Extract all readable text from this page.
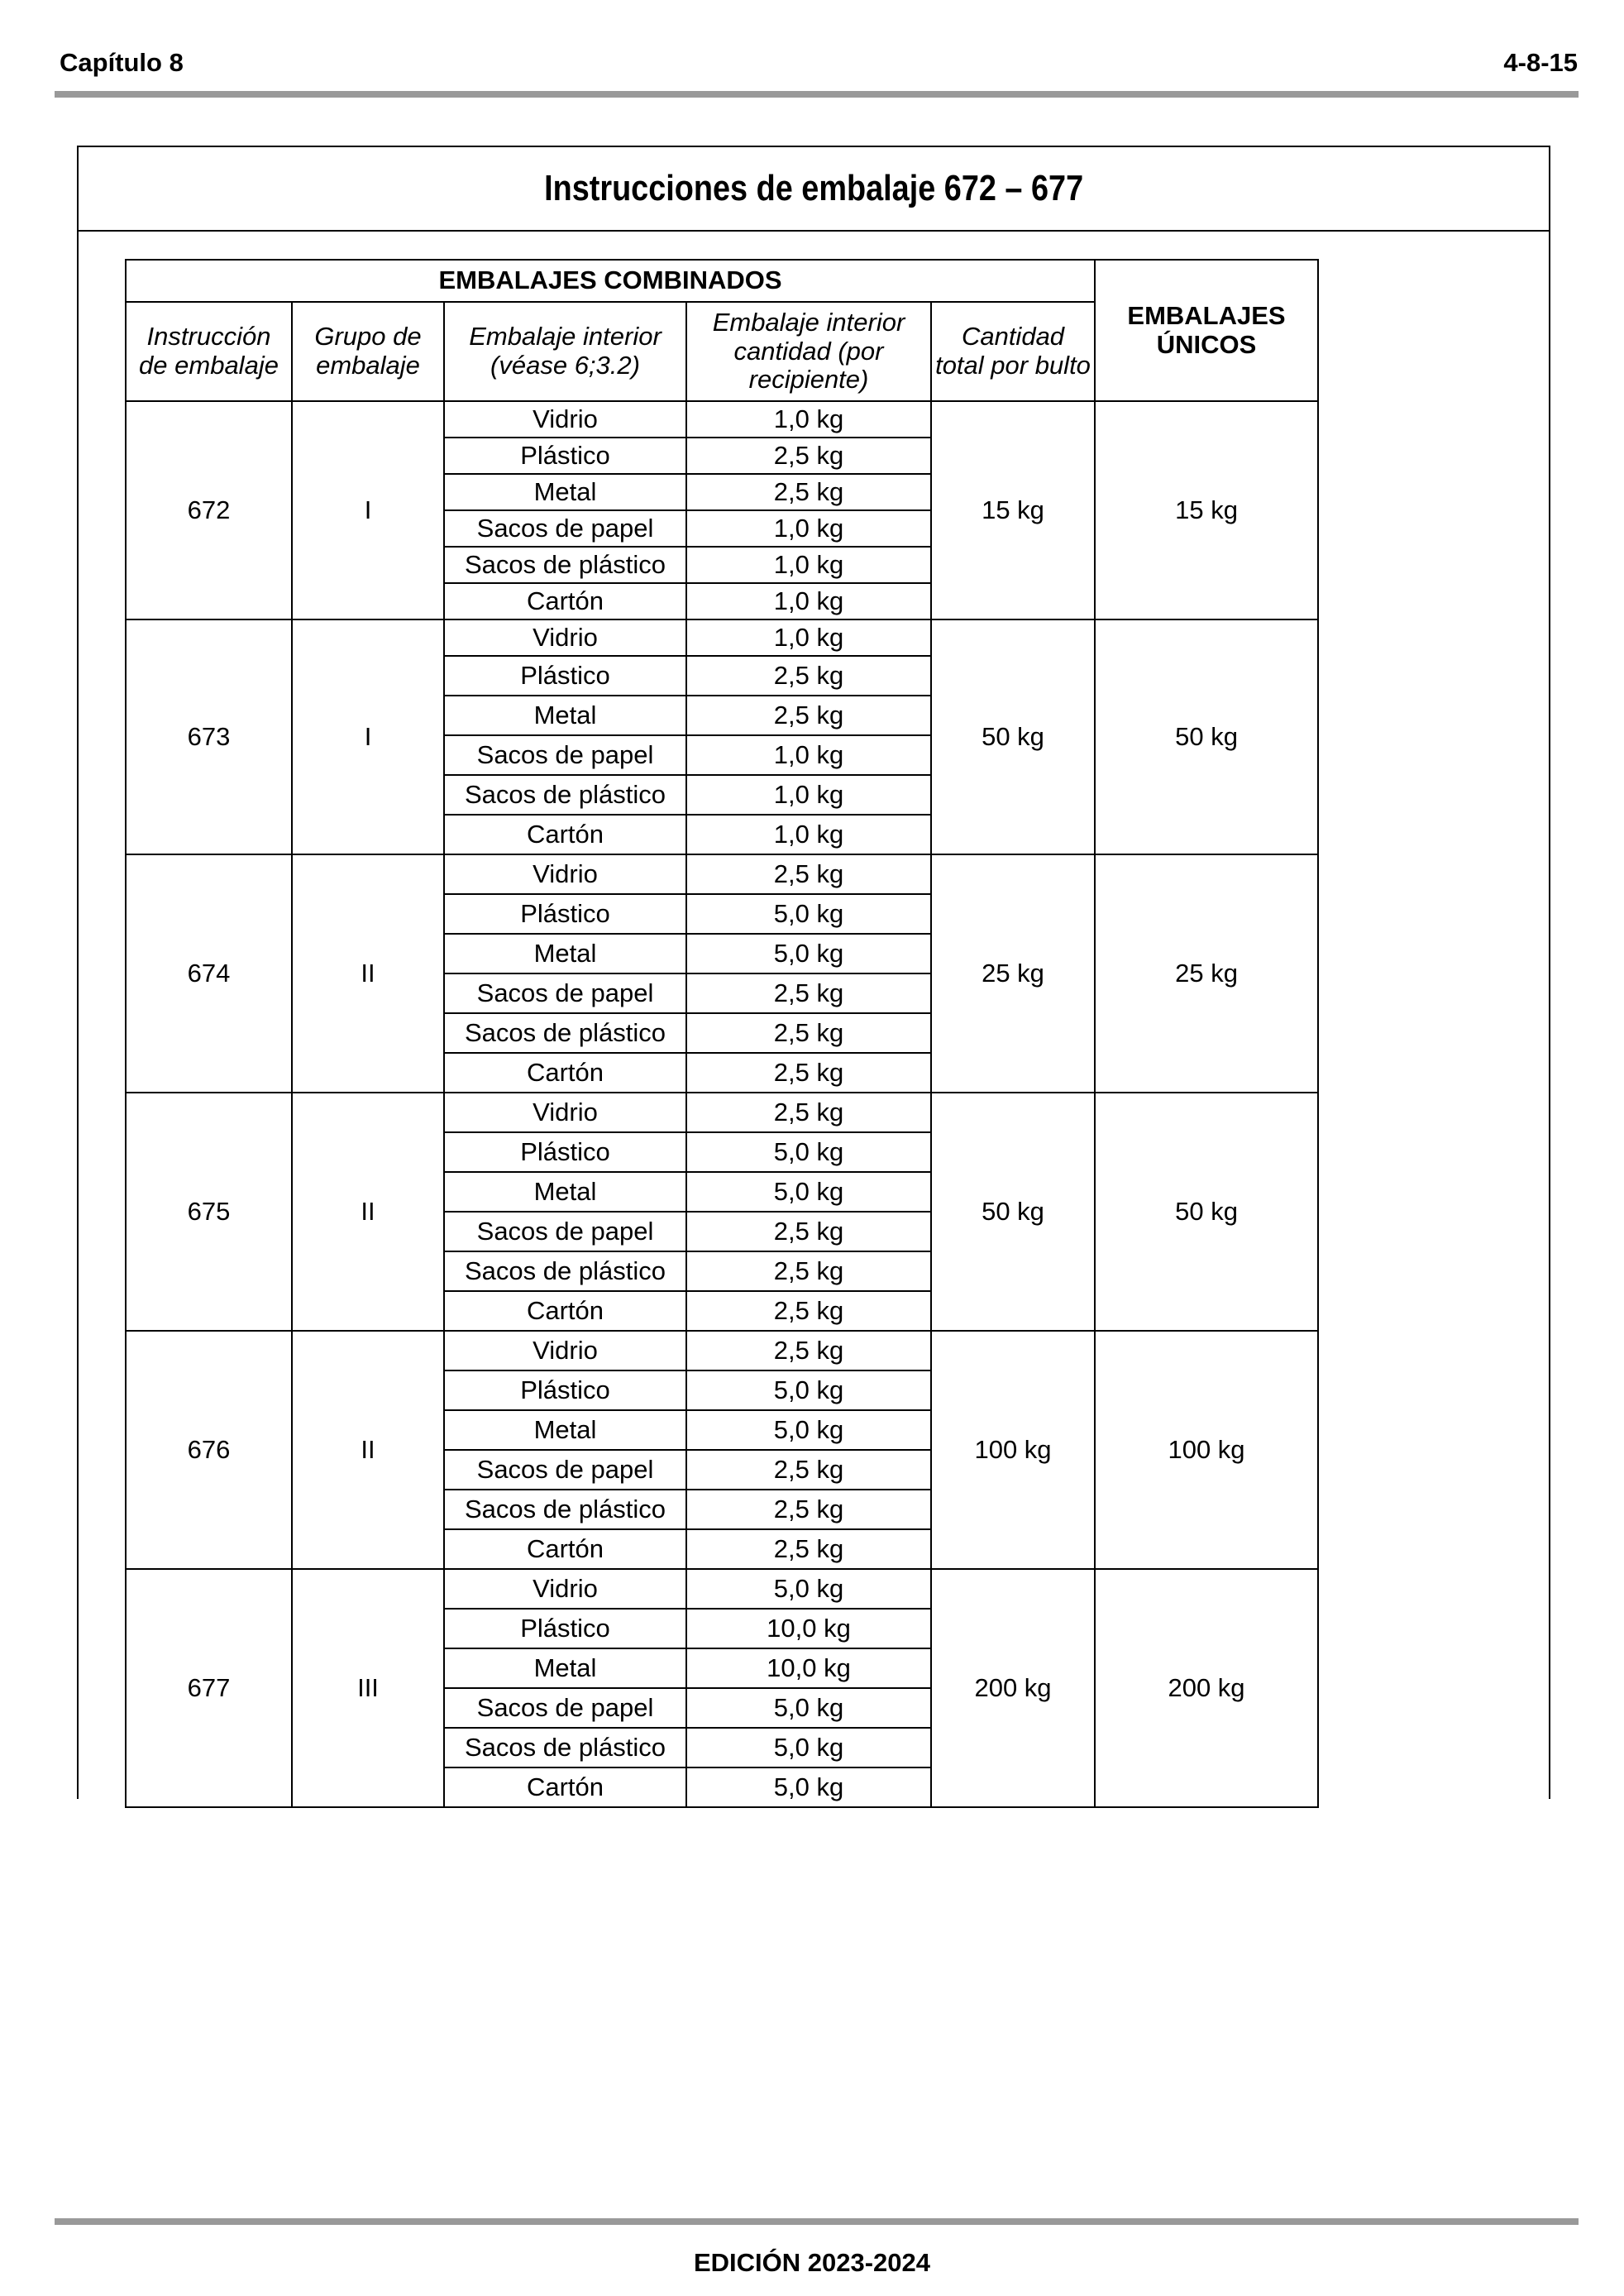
Capítulo 8	4-8-15
Instrucciones de embalaje 672 – 677
EMBALAJES COMBINADOS					EMBALAJES ÚNICOS
Instrucción de embalaje	Grupo de embalaje	Embalaje interior (véase 6;3.2)	Embalaje interior cantidad (por recipiente)	Cantidad total por bulto	
672	I	Vidrio	1,0 kg	15 kg	15 kg
		Plástico	2,5 kg		
		Metal	2,5 kg		
		Sacos de papel	1,0 kg		
		Sacos de plástico	1,0 kg		
		Cartón	1,0 kg		
673	I	Vidrio	1,0 kg	50 kg	50 kg
		Plástico	2,5 kg		
		Metal	2,5 kg		
		Sacos de papel	1,0 kg		
		Sacos de plástico	1,0 kg		
		Cartón	1,0 kg		
674	II	Vidrio	2,5 kg	25 kg	25 kg
		Plástico	5,0 kg		
		Metal	5,0 kg		
		Sacos de papel	2,5 kg		
		Sacos de plástico	2,5 kg		
		Cartón	2,5 kg		
675	II	Vidrio	2,5 kg	50 kg	50 kg
		Plástico	5,0 kg		
		Metal	5,0 kg		
		Sacos de papel	2,5 kg		
		Sacos de plástico	2,5 kg		
		Cartón	2,5 kg		
676	II	Vidrio	2,5 kg	100 kg	100 kg
		Plástico	5,0 kg		
		Metal	5,0 kg		
		Sacos de papel	2,5 kg		
		Sacos de plástico	2,5 kg		
		Cartón	2,5 kg		
677	III	Vidrio	5,0 kg	200 kg	200 kg
		Plástico	10,0 kg		
		Metal	10,0 kg		
		Sacos de papel	5,0 kg		
		Sacos de plástico	5,0 kg		
		Cartón	5,0 kg		
EDICIÓN 2023-2024
